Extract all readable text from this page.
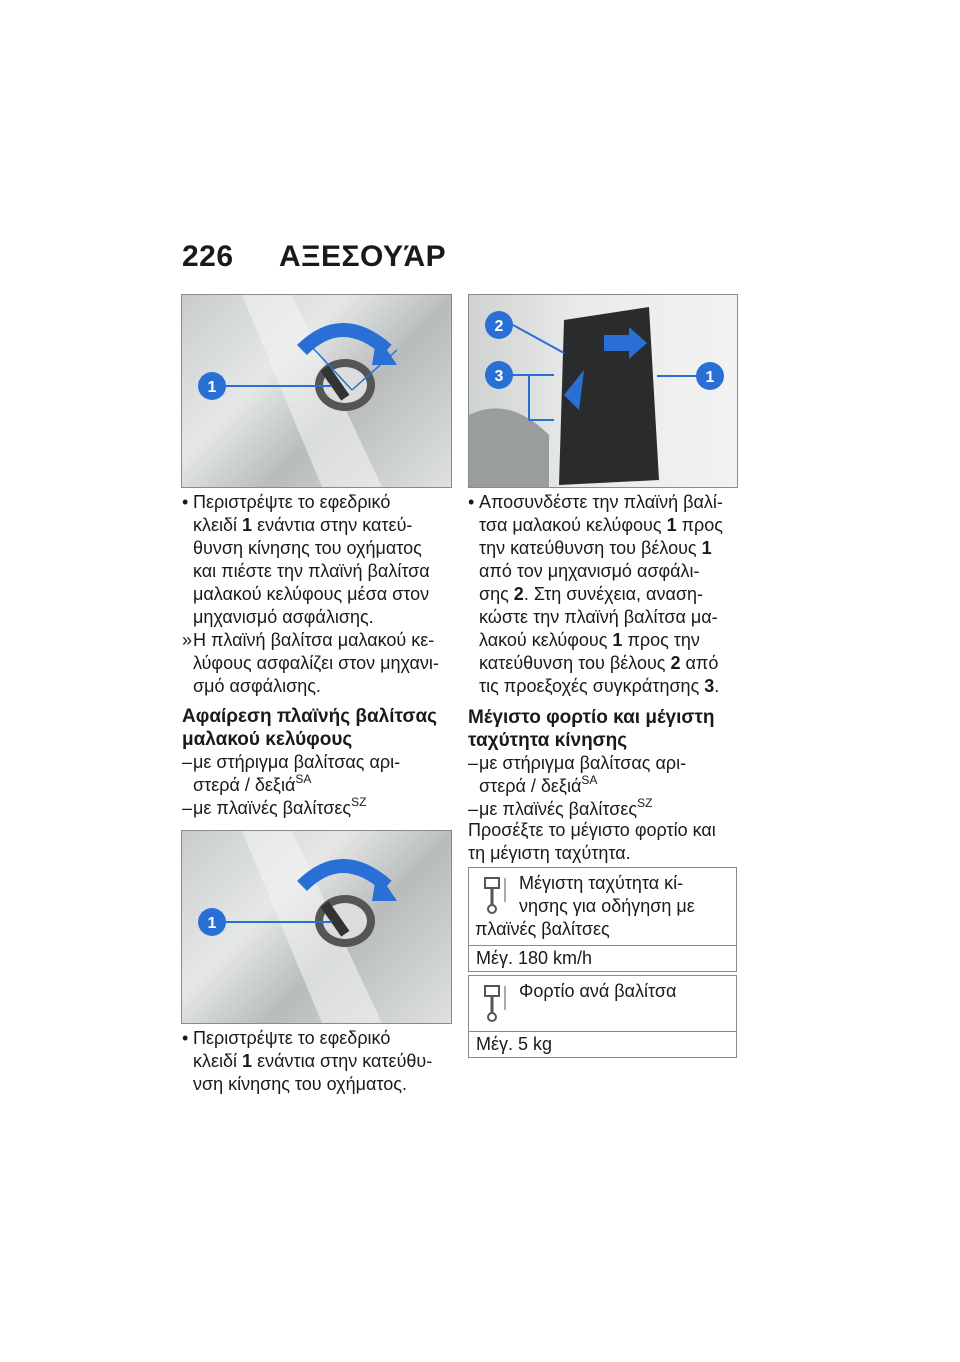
226 ΑΞΕΣΟΥΆΡ
1
2
3	1
1
• Περιστρέψτε το εφεδρικό
κλειδί 1 ενάντια στην κατεύ-
θυνση κίνησης του οχήματος
και πιέστε την πλαϊνή βαλίτσα
μαλακού κελύφους μέσα στον
μηχανισμό ασφάλισης.
»Η πλαϊνή βαλίτσα μαλακού κε-
λύφους ασφαλίζει στον μηχανι-
σμό ασφάλισης.
Αφαίρεση πλαϊνής βαλίτσας
μαλακού κελύφους
–με στήριγμα βαλίτσας αρι-
στερά / δεξιά$^{SA}$
–με πλαϊνές βαλίτσες$^{SZ}$
• Περιστρέψτε το εφεδρικό
κλειδί 1 ενάντια στην κατεύθυ-
νση κίνησης του οχήματος.
• Αποσυνδέστε την πλαϊνή βαλί-
τσα μαλακού κελύφους 1 προς
την κατεύθυνση του βέλους 1
από τον μηχανισμό ασφάλι-
σης 2. Στη συνέχεια, αναση-
κώστε την πλαϊνή βαλίτσα μα-
λακού κελύφους 1 προς την
κατεύθυνση του βέλους 2 από
τις προεξοχές συγκράτησης 3.
Μέγιστο φορτίο και μέγιστη
ταχύτητα κίνησης
–με στήριγμα βαλίτσας αρι-
στερά / δεξιά$^{SA}$
–με πλαϊνές βαλίτσες$^{SZ}$
Προσέξτε το μέγιστο φορτίο και
τη μέγιστη ταχύτητα.
Μέγιστη ταχύτητα κί-
νησης για οδήγηση με
πλαϊνές βαλίτσες
Μέγ. 180 km/h
Φορτίο ανά βαλίτσα
Μέγ. 5 kg
